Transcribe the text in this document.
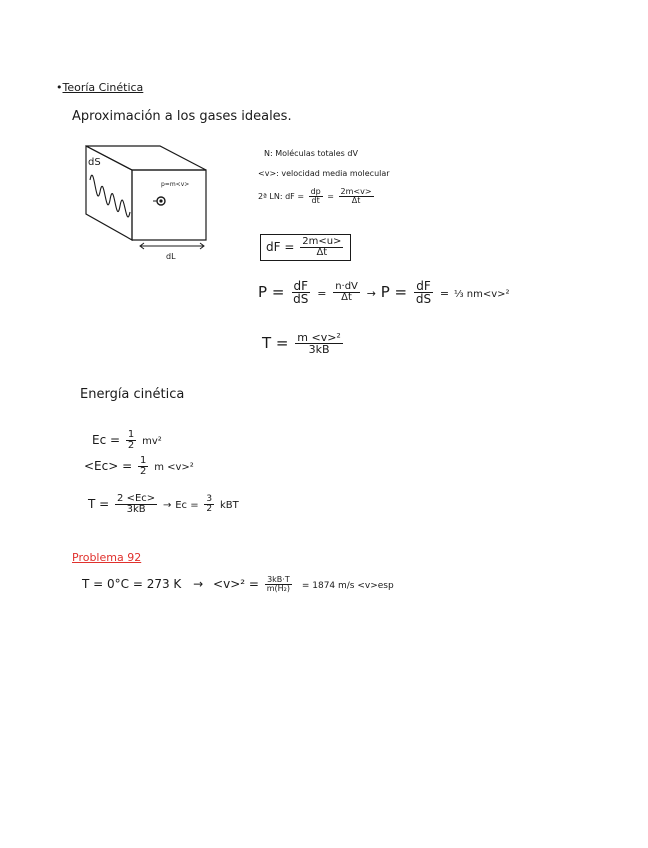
•Teoría Cinética
Aproximación a los gases ideales.
dS
p=m<v>
dL
N: Moléculas totales dV
<v>: velocidad media molecular
2ª LN: dF = $\frac{dp}{dt} = \frac{2m<v>}{\Delta t}$
dF = $\frac{2m<u>}{\Delta t}$
$P = \frac{dF}{dS} = \frac{n\cdot dV}{\Delta t} \to P = \frac{dF}{dS}$ = ⅓ nm<v>²
$T = \frac{\text{m <v>²}}{3kB}$
Energía cinética
$Ec = \frac{1}{2} mv^2$
$<Ec> = \frac{1}{2}$ m <v>²
$T = \frac{2 <Ec>}{3kB} \to Ec = \frac{3}{2}$ kBT
Problema 92
T = 0°C = 273 $K \to <v>^2 = \frac{3kB\cdot T}{\text{m(H₂)}} = 1874$ m/s <v>esp
